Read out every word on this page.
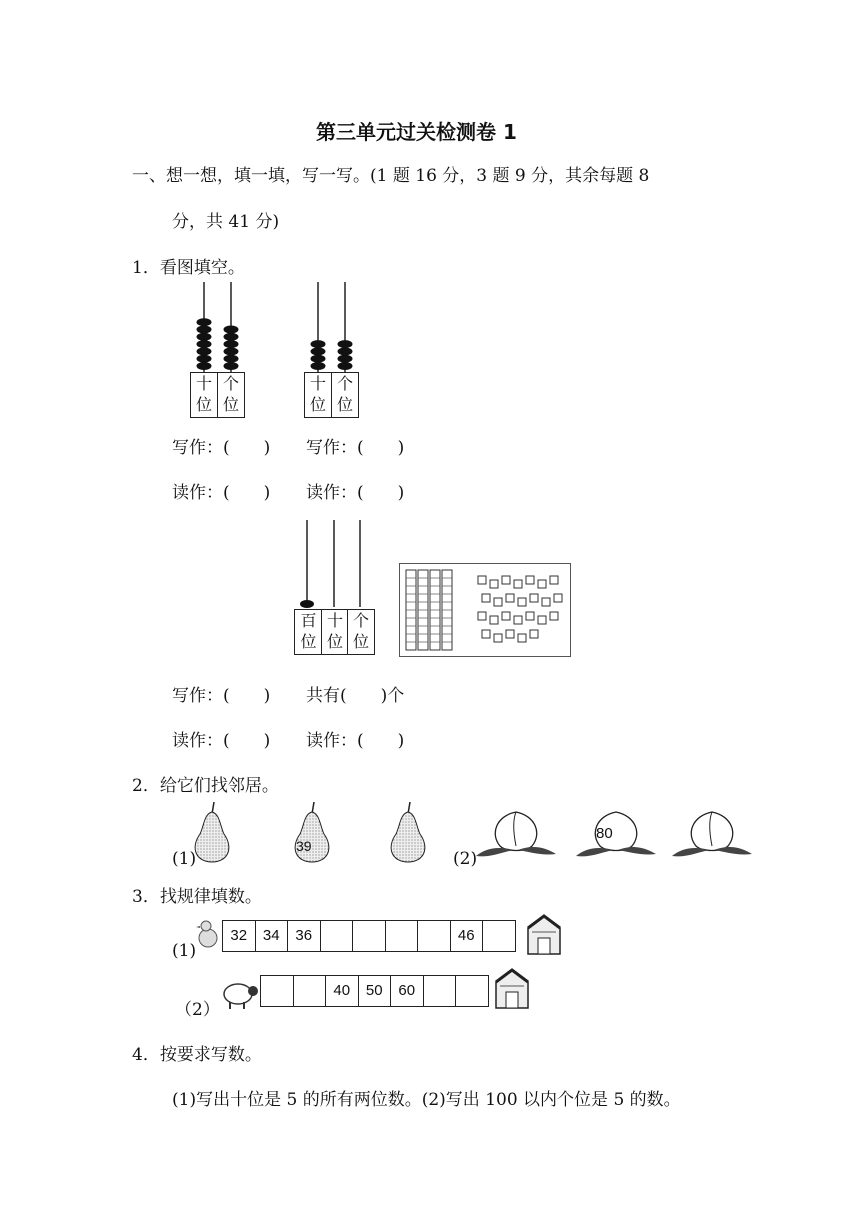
第三单元过关检测卷 1
一、想一想，填一填，写一写。(1 题 16 分，3 题 9 分，其余每题 8
分，共 41 分)
1．看图填空。
十
位
个
位
十
位
个
位
写作：(　　) 写作：(　　)
读作：(　　) 读作：(　　)
百
位
十
位
个
位
写作：(　　) 共有(　　)个
读作：(　　) 读作：(　　)
2．给它们找邻居。
(1)
39
(2)
80
3．找规律填数。
(1)
32	34	36	46
（2）
40	50	60
4．按要求写数。
(1)写出十位是 5 的所有两位数。(2)写出 100 以内个位是 5 的数。
